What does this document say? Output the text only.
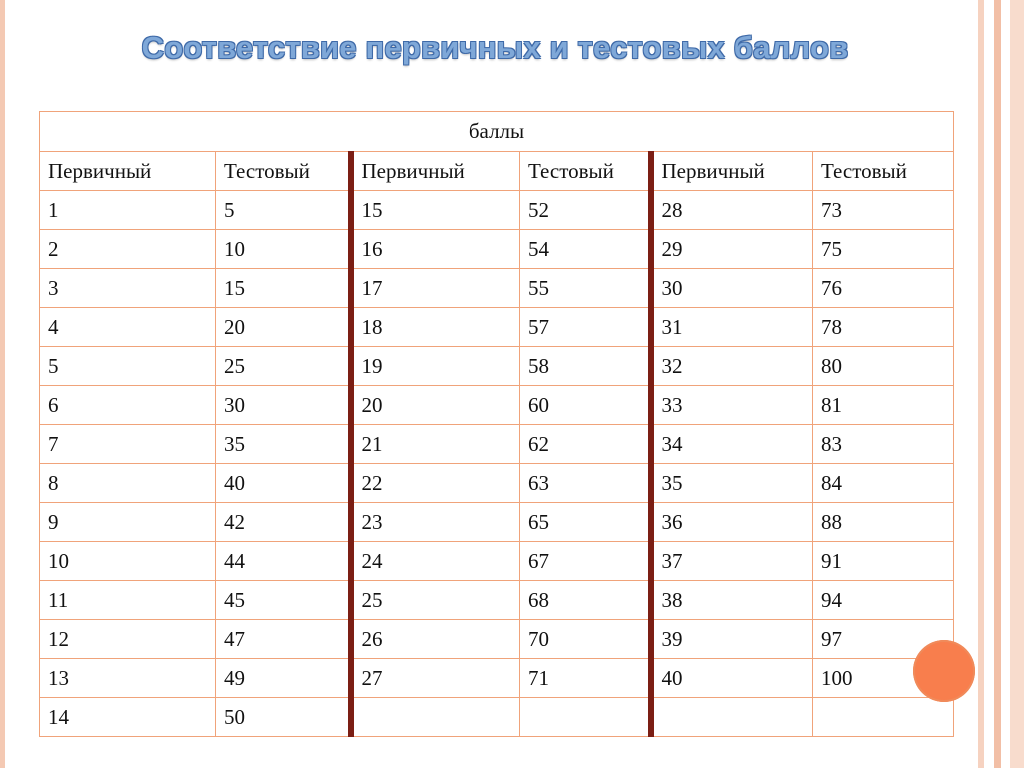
Соответствие первичных и тестовых баллов
баллы					
Первичный	Тестовый	Первичный	Тестовый	Первичный	Тестовый
1	5	15	52	28	73
2	10	16	54	29	75
3	15	17	55	30	76
4	20	18	57	31	78
5	25	19	58	32	80
6	30	20	60	33	81
7	35	21	62	34	83
8	40	22	63	35	84
9	42	23	65	36	88
10	44	24	67	37	91
11	45	25	68	38	94
12	47	26	70	39	97
13	49	27	71	40	100
14	50				
